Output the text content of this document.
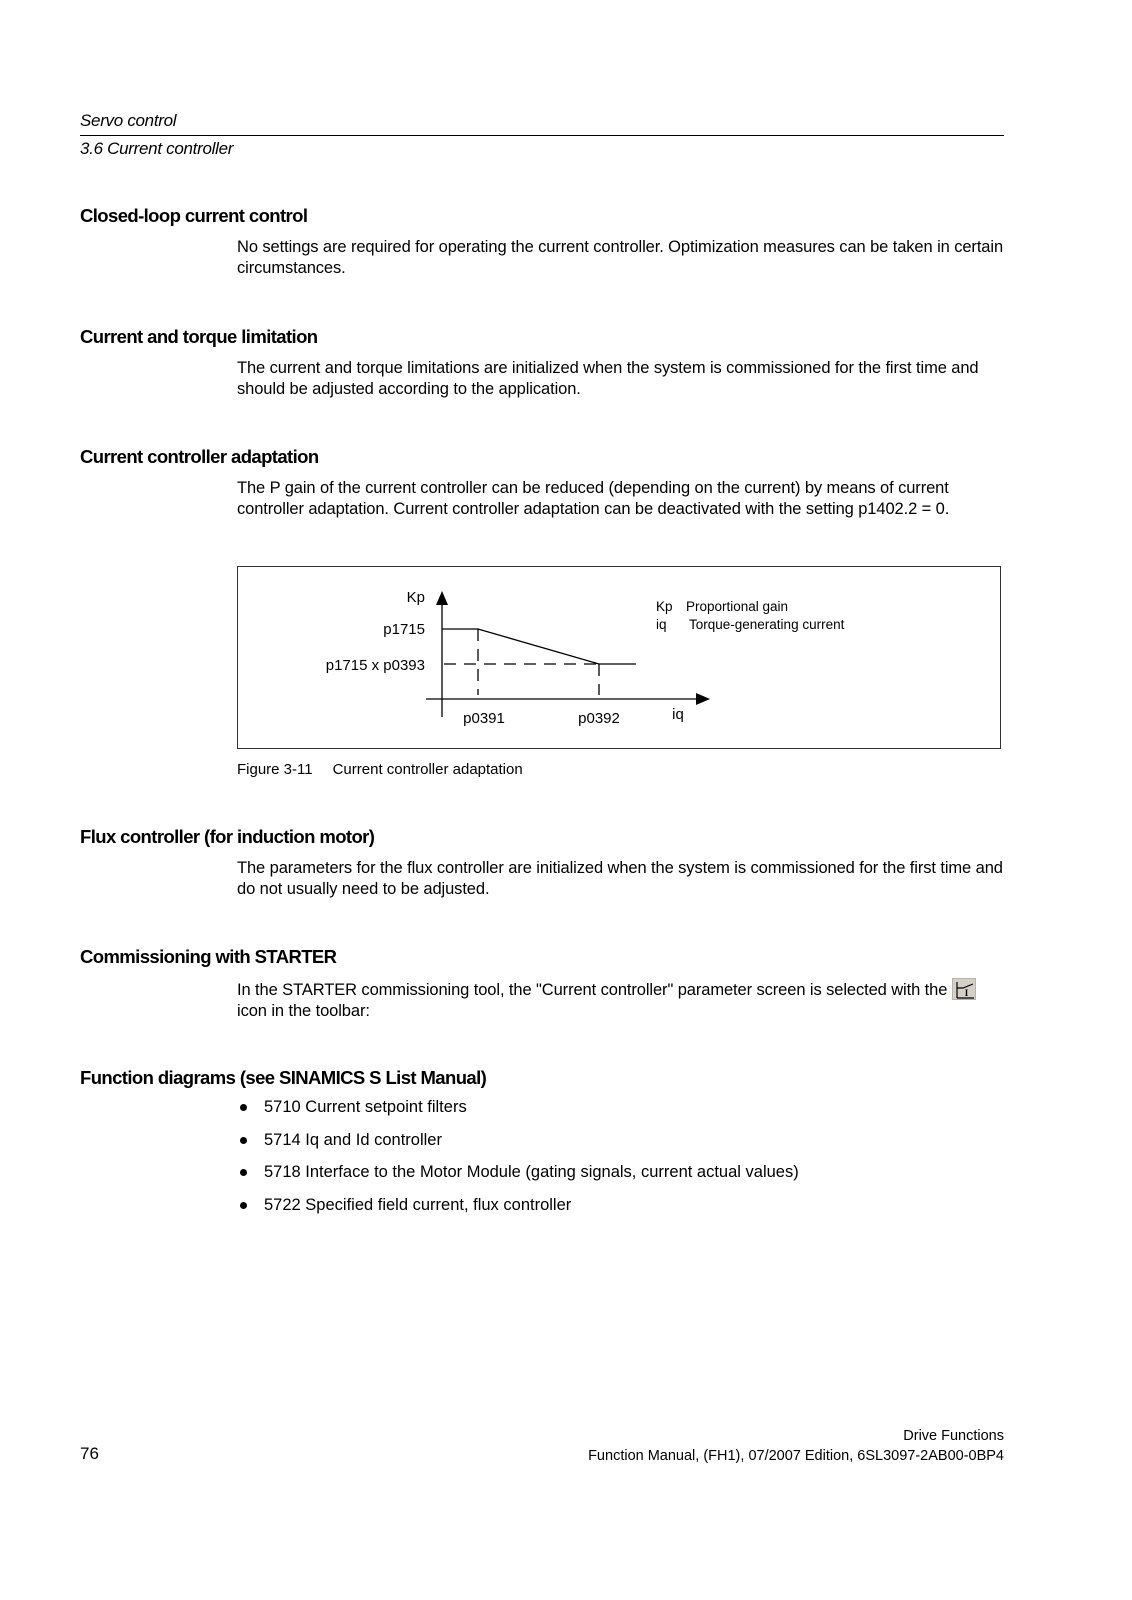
Servo control
3.6 Current controller
Closed-loop current control
No settings are required for operating the current controller. Optimization measures can be taken in certain circumstances.
Current and torque limitation
The current and torque limitations are initialized when the system is commissioned for the first time and should be adjusted according to the application.
Current controller adaptation
The P gain of the current controller can be reduced (depending on the current) by means of current controller adaptation. Current controller adaptation can be deactivated with the setting p1402.2 = 0.
Kp
p1715
p1715 x p0393
p0391	p0392	iq
Kp Proportional gain
iq Torque-generating current
Figure 3-11 Current controller adaptation
Flux controller (for induction motor)
The parameters for the flux controller are initialized when the system is commissioned for the first time and do not usually need to be adjusted.
Commissioning with STARTER
In the STARTER commissioning tool, the "Current controller" parameter screen is selected with the I
icon in the toolbar:
Function diagrams (see SINAMICS S List Manual)
5710 Current setpoint filters
5714 Iq and Id controller
5718 Interface to the Motor Module (gating signals, current actual values)
5722 Specified field current, flux controller
76
Drive Functions
Function Manual, (FH1), 07/2007 Edition, 6SL3097-2AB00-0BP4
